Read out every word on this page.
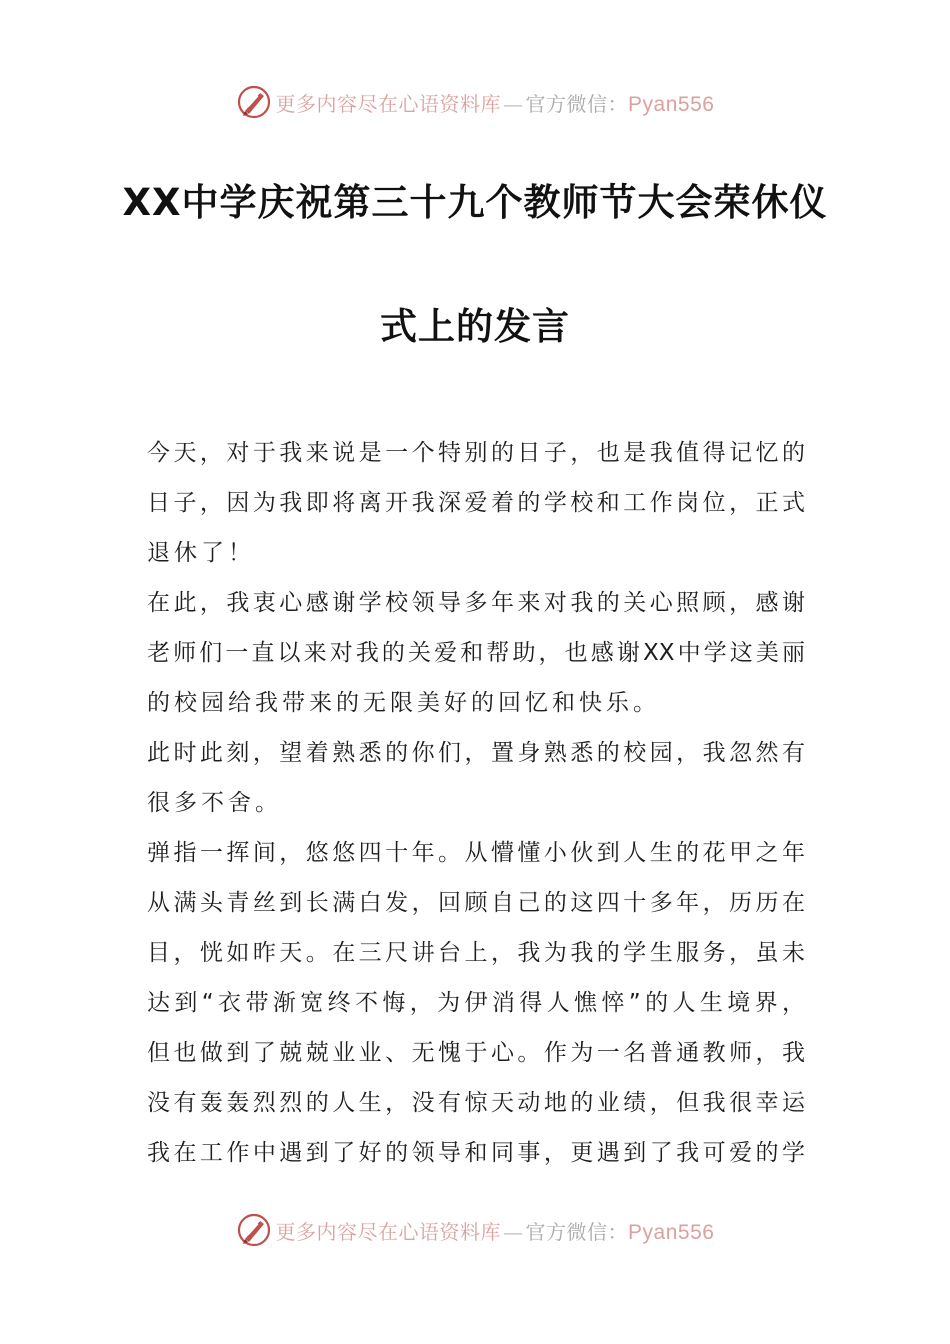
更多内容尽在心语资料库 — 官方微信：Pyan556
XX中学庆祝第三十九个教师节大会荣休仪
式上的发言
今天，对于我来说是一个特别的日子，也是我值得记忆的
日子，因为我即将离开我深爱着的学校和工作岗位，正式
退休了！
在此，我衷心感谢学校领导多年来对我的关心照顾，感谢
老师们一直以来对我的关爱和帮助，也感谢XX中学这美丽
的校园给我带来的无限美好的回忆和快乐。
此时此刻，望着熟悉的你们，置身熟悉的校园，我忽然有
很多不舍。
弹指一挥间，悠悠四十年。从懵懂小伙到人生的花甲之年
从满头青丝到长满白发，回顾自己的这四十多年，历历在
目，恍如昨天。在三尺讲台上，我为我的学生服务，虽未
达到“衣带渐宽终不悔，为伊消得人憔悴”的人生境界，
但也做到了兢兢业业、无愧于心。作为一名普通教师，我
没有轰轰烈烈的人生，没有惊天动地的业绩，但我很幸运
我在工作中遇到了好的领导和同事，更遇到了我可爱的学
更多内容尽在心语资料库 — 官方微信：Pyan556
